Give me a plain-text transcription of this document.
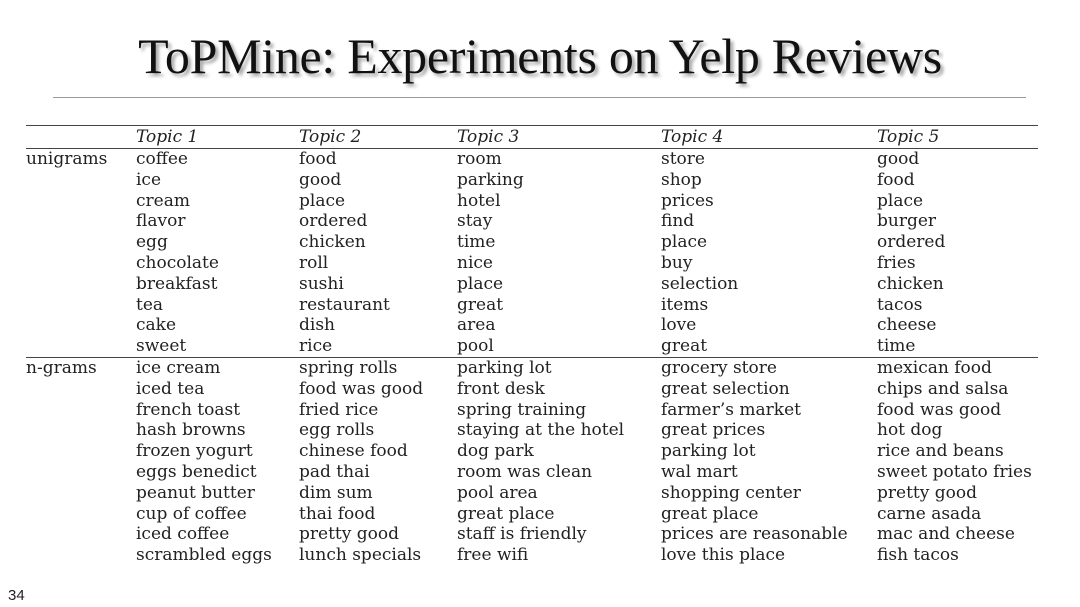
ToPMine: Experiments on Yelp Reviews
	Topic 1	Topic 2	Topic 3	Topic 4	Topic 5
unigrams	coffee	food	room	store	good
	ice	good	parking	shop	food
	cream	place	hotel	prices	place
	flavor	ordered	stay	find	burger
	egg	chicken	time	place	ordered
	chocolate	roll	nice	buy	fries
	breakfast	sushi	place	selection	chicken
	tea	restaurant	great	items	tacos
	cake	dish	area	love	cheese
	sweet	rice	pool	great	time
n-grams	ice cream	spring rolls	parking lot	grocery store	mexican food
	iced tea	food was good	front desk	great selection	chips and salsa
	french toast	fried rice	spring training	farmer’s market	food was good
	hash browns	egg rolls	staying at the hotel	great prices	hot dog
	frozen yogurt	chinese food	dog park	parking lot	rice and beans
	eggs benedict	pad thai	room was clean	wal mart	sweet potato fries
	peanut butter	dim sum	pool area	shopping center	pretty good
	cup of coffee	thai food	great place	great place	carne asada
	iced coffee	pretty good	staff is friendly	prices are reasonable	mac and cheese
	scrambled eggs	lunch specials	free wifi	love this place	fish tacos
34
